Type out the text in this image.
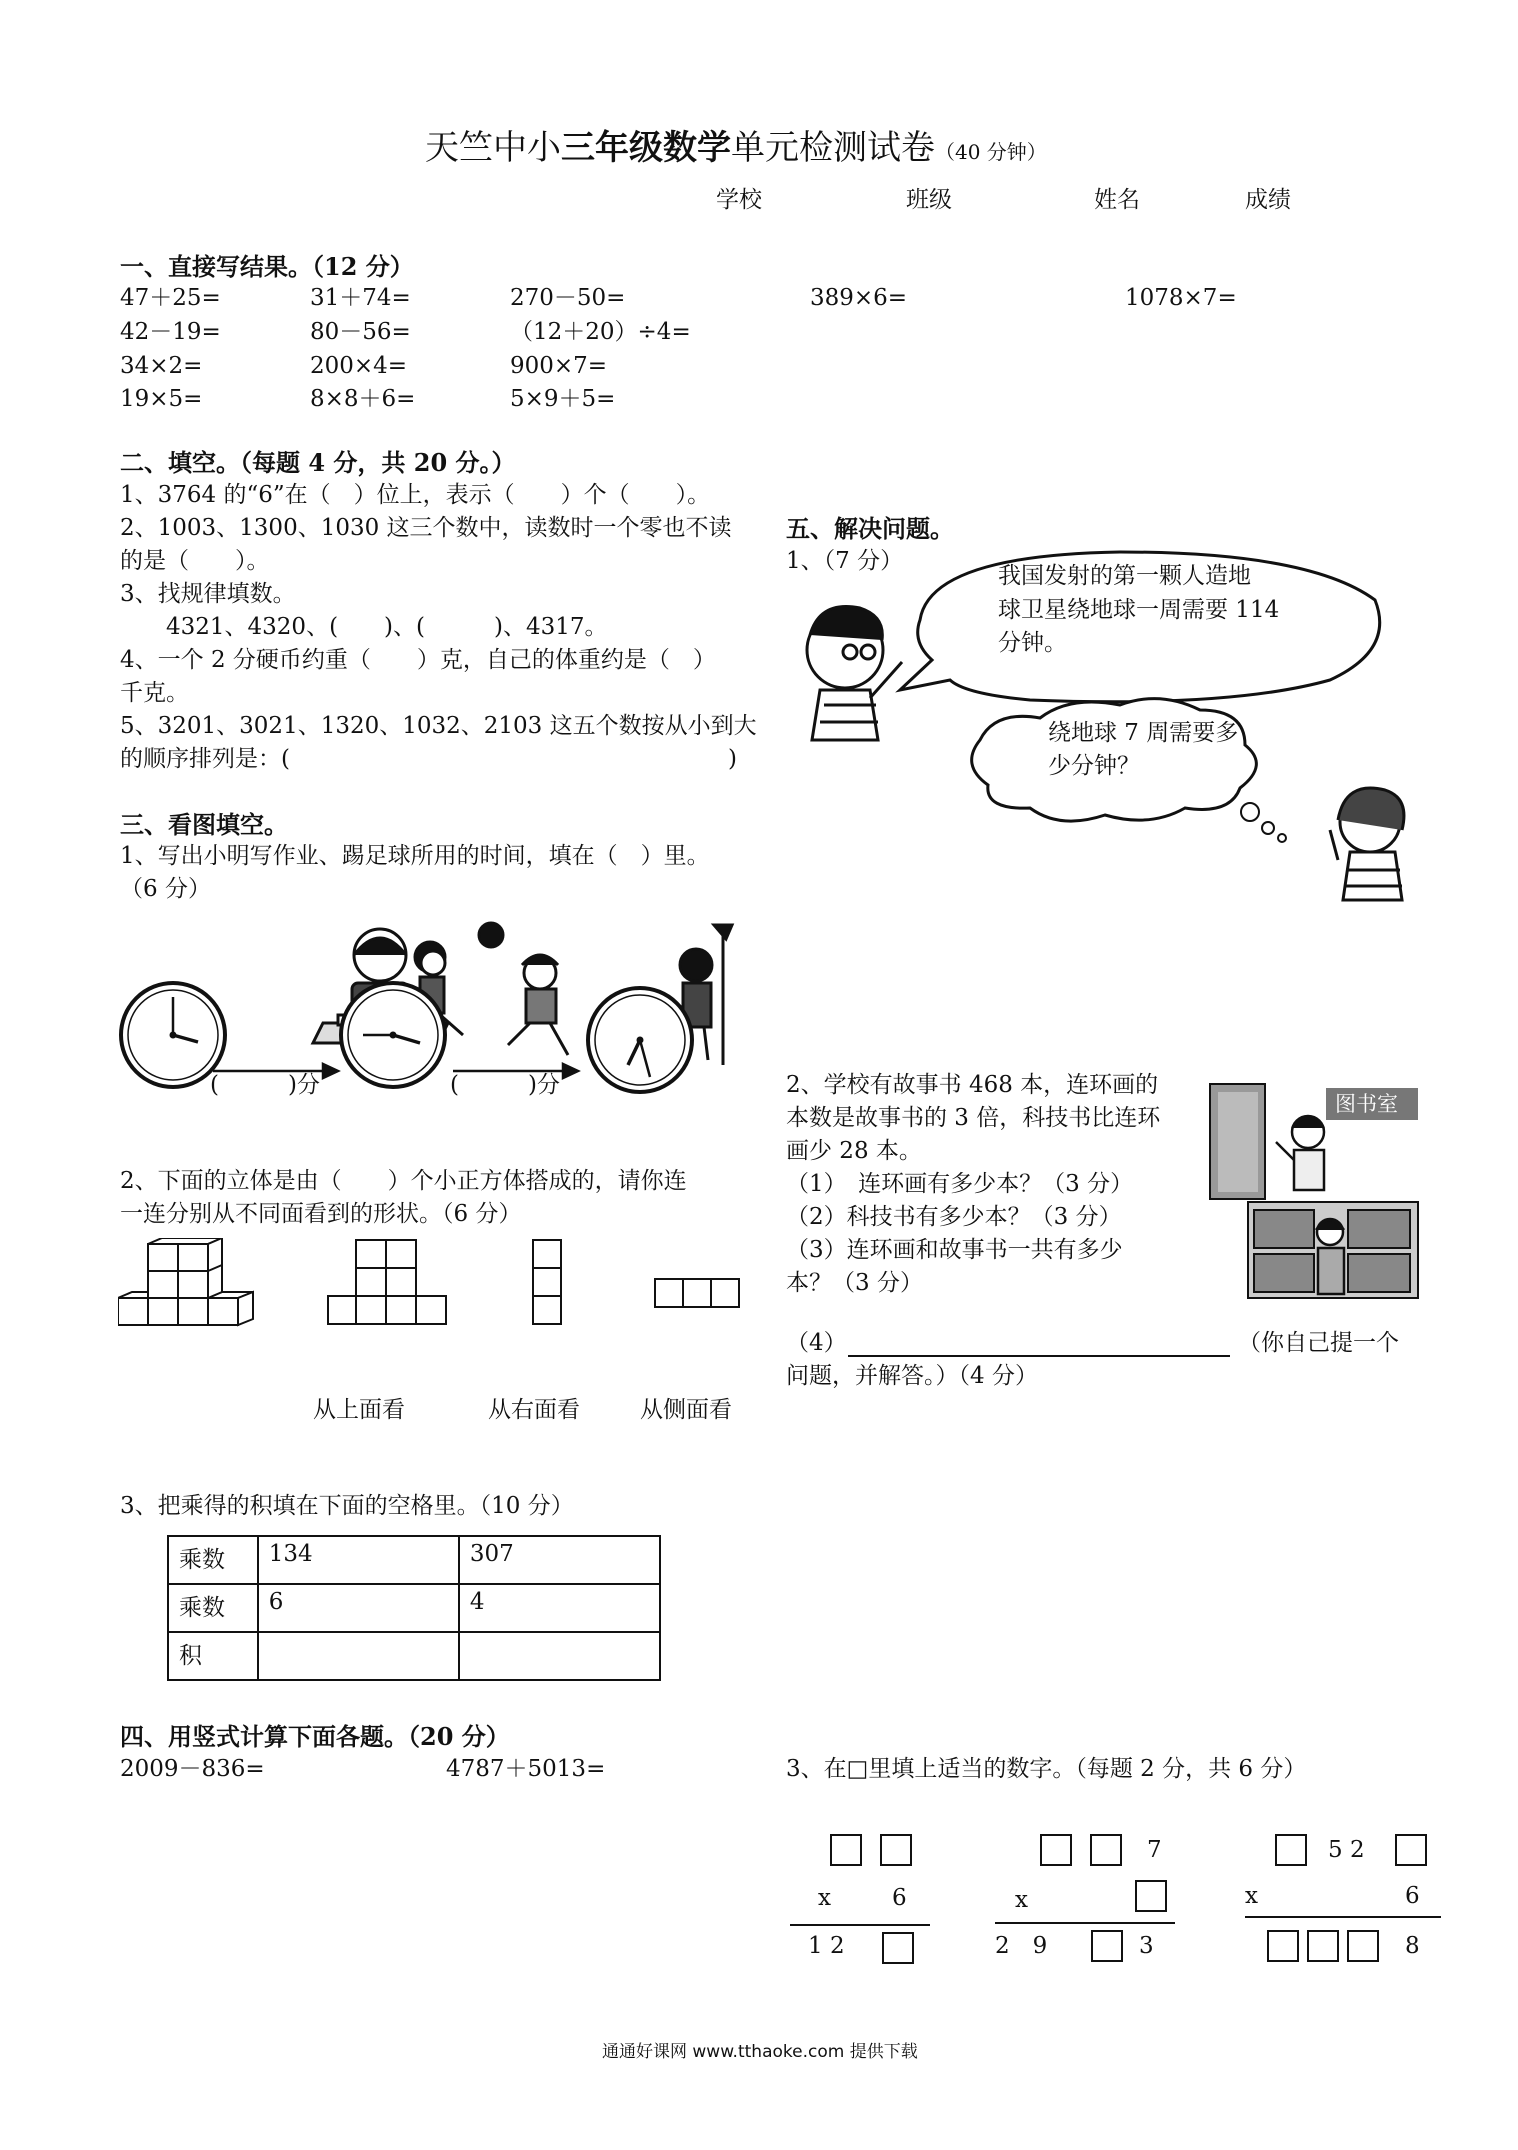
天竺中小三年级数学单元检测试卷（40 分钟）
学校	班级	姓名	成绩
一、直接写结果。（12 分）
47＋25=	31＋74=	270－50=	389×6=	1078×7=
42－19=	80－56=	（12＋20）÷4=
34×2=	200×4=	900×7=
19×5=	8×8＋6=	5×9＋5=
二、填空。（每题 4 分，共 20 分。）
1、3764 的“6”在（　）位上，表示（　　）个（　　）。
2、1003、1300、1030 这三个数中，读数时一个零也不读
的是（　　）。
3、找规律填数。
　　4321、4320、(　　)、(　　　)、4317。
4、一个 2 分硬币约重（　　）克，自己的体重约是（　）
千克。
5、3201、3021、1320、1032、2103 这五个数按从小到大
的顺序排列是：(	)
三、看图填空。
1、写出小明写作业、踢足球所用的时间，填在（　）里。
（6 分）
(　　　)分	(　　　)分
2、下面的立体是由（　　）个小正方体搭成的，请你连
一连分别从不同面看到的形状。（6 分）
从上面看	从右面看	从侧面看
3、把乘得的积填在下面的空格里。（10 分）
乘数	134	307
乘数	6	4
积		
四、用竖式计算下面各题。（20 分）
2009－836=	4787＋5013=
五、解决问题。
1、（7 分）
我国发射的第一颗人造地
球卫星绕地球一周需要 114
分钟。
绕地球 7 周需要多
少分钟？
2、学校有故事书 468 本，连环画的
本数是故事书的 3 倍，科技书比连环
画少 28 本。
（1）　连环画有多少本？（3 分）
（2）科技书有多少本？（3 分）
（3）连环画和故事书一共有多少
本？（3 分）
图书室
（4）	（你自己提一个
问题，并解答。）（4 分）
3、在□里填上适当的数字。（每题 2 分，共 6 分）
x	6
1 2
7
x
2　9	3
5 2
x	6
8
通通好课网 www.tthaoke.com 提供下载
